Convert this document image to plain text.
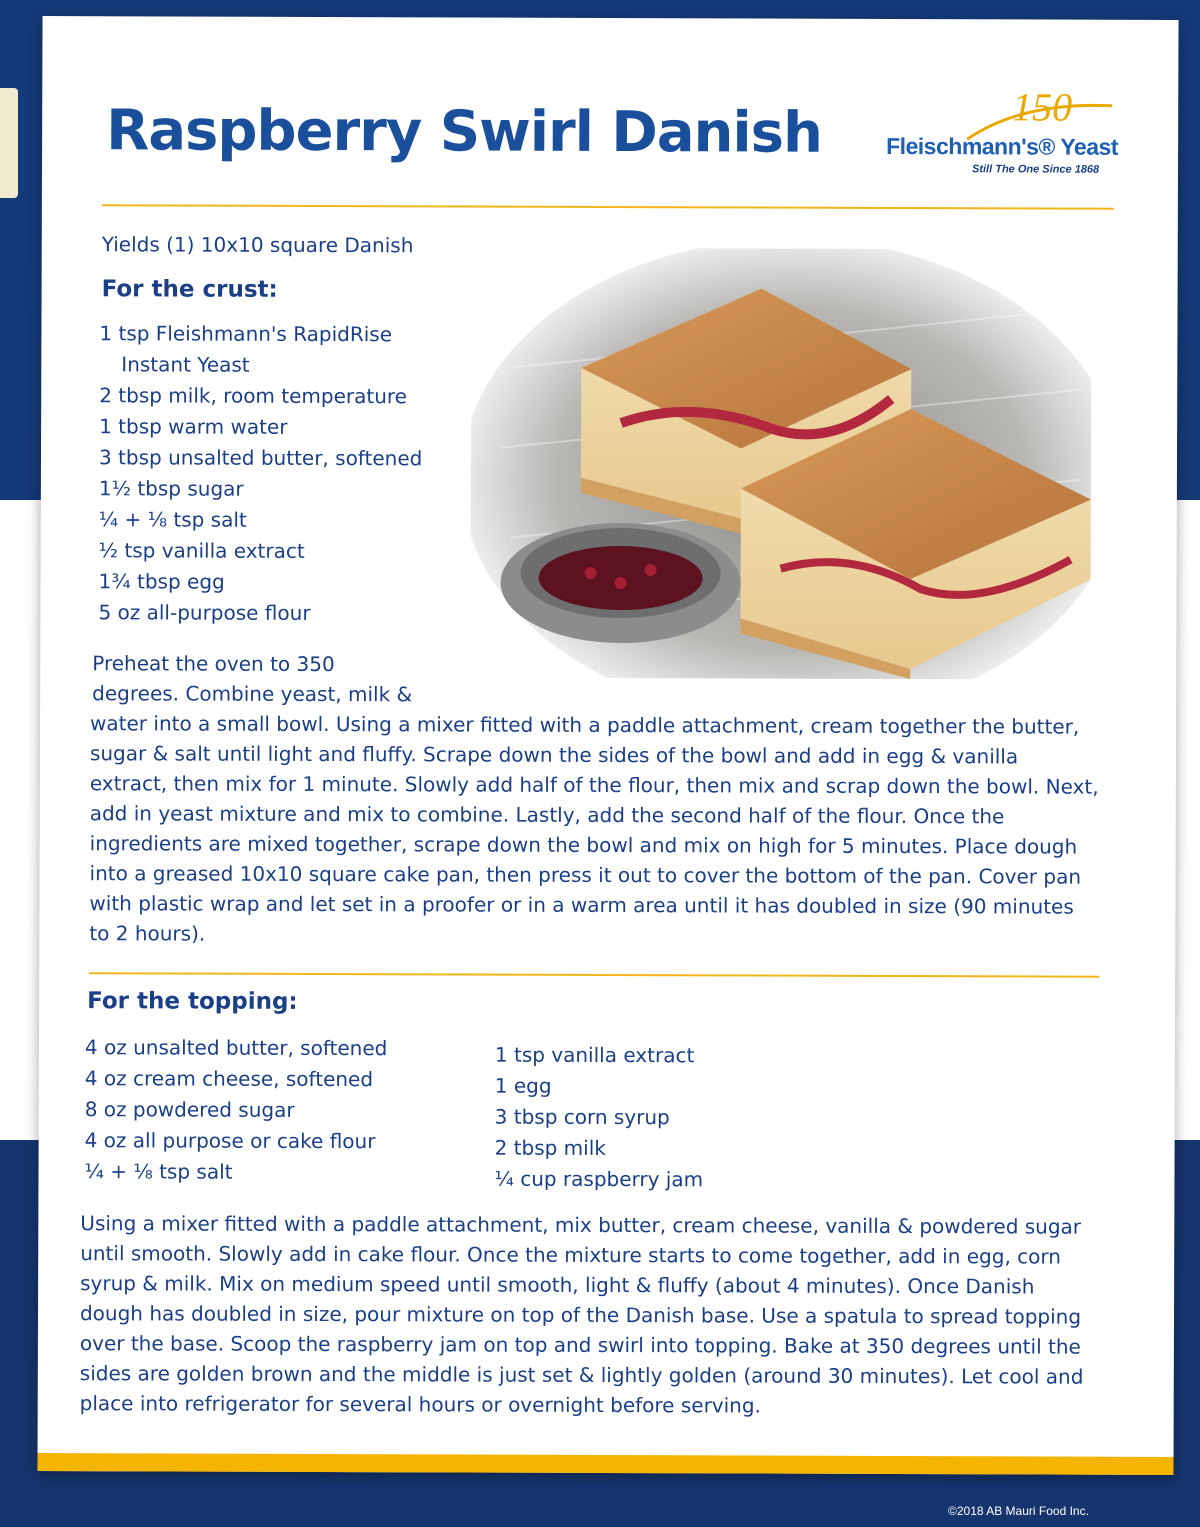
Raspberry Swirl Danish	150
Fleischmann's® Yeast
Still The One Since 1868
Yields (1) 10x10 square Danish
For the crust:
1 tsp Fleishmann's RapidRise
Instant Yeast
2 tbsp milk, room temperature
1 tbsp warm water
3 tbsp unsalted butter, softened
1½ tbsp sugar
¼ + ⅛ tsp salt
½ tsp vanilla extract
1¾ tbsp egg
5 oz all-purpose flour

Preheat the oven to 350 degrees. Combine yeast, milk &

water into a small bowl. Using a mixer fitted with a paddle attachment, cream together the butter, sugar & salt until light and fluffy. Scrape down the sides of the bowl and add in egg & vanilla extract, then mix for 1 minute. Slowly add half of the flour, then mix and scrap down the bowl. Next, add in yeast mixture and mix to combine. Lastly, add the second half of the flour. Once the ingredients are mixed together, scrape down the bowl and mix on high for 5 minutes. Place dough into a greased 10x10 square cake pan, then press it out to cover the bottom of the pan. Cover pan with plastic wrap and let set in a proofer or in a warm area until it has doubled in size (90 minutes to 2 hours).

For the topping:
4 oz unsalted butter, softened
4 oz cream cheese, softened
8 oz powdered sugar
4 oz all purpose or cake flour
¼ + ⅛ tsp salt
1 tsp vanilla extract
1 egg
3 tbsp corn syrup
2 tbsp milk
¼ cup raspberry jam

Using a mixer fitted with a paddle attachment, mix butter, cream cheese, vanilla & powdered sugar until smooth. Slowly add in cake flour. Once the mixture starts to come together, add in egg, corn syrup & milk. Mix on medium speed until smooth, light & fluffy (about 4 minutes). Once Danish dough has doubled in size, pour mixture on top of the Danish base. Use a spatula to spread topping over the base. Scoop the raspberry jam on top and swirl into topping. Bake at 350 degrees until the sides are golden brown and the middle is just set & lightly golden (around 30 minutes). Let cool and place into refrigerator for several hours or overnight before serving.

©2018 AB Mauri Food Inc.
